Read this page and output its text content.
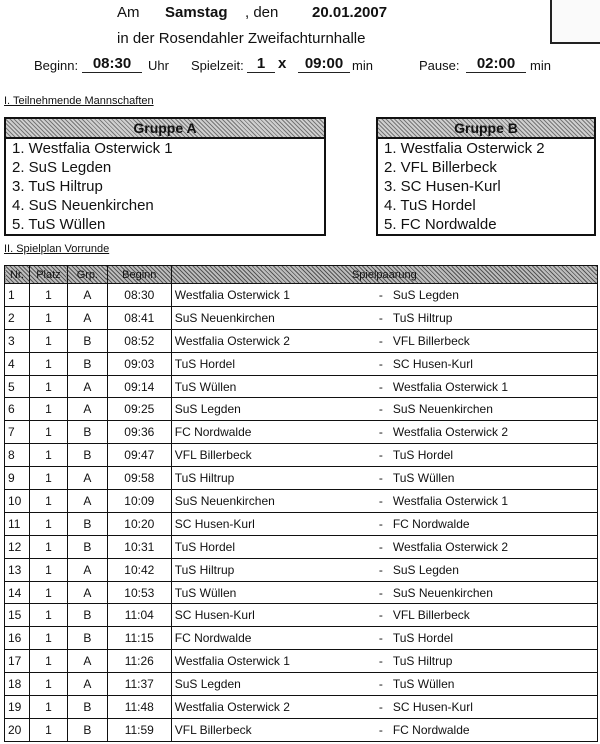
Am Samstag , den 20.01.2007
in der Rosendahler Zweifachturnhalle
Beginn: 08:30	Uhr Spielzeit: 1 x	09:00 min	Pause:	02:00	min
I. Teilnehmende Mannschaften
Gruppe A
1. Westfalia Osterwick 1
2. SuS Legden
3. TuS Hiltrup
4. SuS Neuenkirchen
5. TuS Wüllen
Gruppe B
1. Westfalia Osterwick 2
2. VFL Billerbeck
3. SC Husen-Kurl
4. TuS Hordel
5. FC Nordwalde
II. Spielplan Vorrunde
Nr.	Platz	Grp.	Beginn	Spielpaarung	
1	1	A	08:30	Westfalia Osterwick 1	- SuS Legden
2	1	A	08:41	SuS Neuenkirchen	- TuS Hiltrup
3	1	B	08:52	Westfalia Osterwick 2	- VFL Billerbeck
4	1	B	09:03	TuS Hordel	- SC Husen-Kurl
5	1	A	09:14	TuS Wüllen	- Westfalia Osterwick 1
6	1	A	09:25	SuS Legden	- SuS Neuenkirchen
7	1	B	09:36	FC Nordwalde	- Westfalia Osterwick 2
8	1	B	09:47	VFL Billerbeck	- TuS Hordel
9	1	A	09:58	TuS Hiltrup	- TuS Wüllen
10	1	A	10:09	SuS Neuenkirchen	- Westfalia Osterwick 1
11	1	B	10:20	SC Husen-Kurl	- FC Nordwalde
12	1	B	10:31	TuS Hordel	- Westfalia Osterwick 2
13	1	A	10:42	TuS Hiltrup	- SuS Legden
14	1	A	10:53	TuS Wüllen	- SuS Neuenkirchen
15	1	B	11:04	SC Husen-Kurl	- VFL Billerbeck
16	1	B	11:15	FC Nordwalde	- TuS Hordel
17	1	A	11:26	Westfalia Osterwick 1	- TuS Hiltrup
18	1	A	11:37	SuS Legden	- TuS Wüllen
19	1	B	11:48	Westfalia Osterwick 2	- SC Husen-Kurl
20	1	B	11:59	VFL Billerbeck	- FC Nordwalde
